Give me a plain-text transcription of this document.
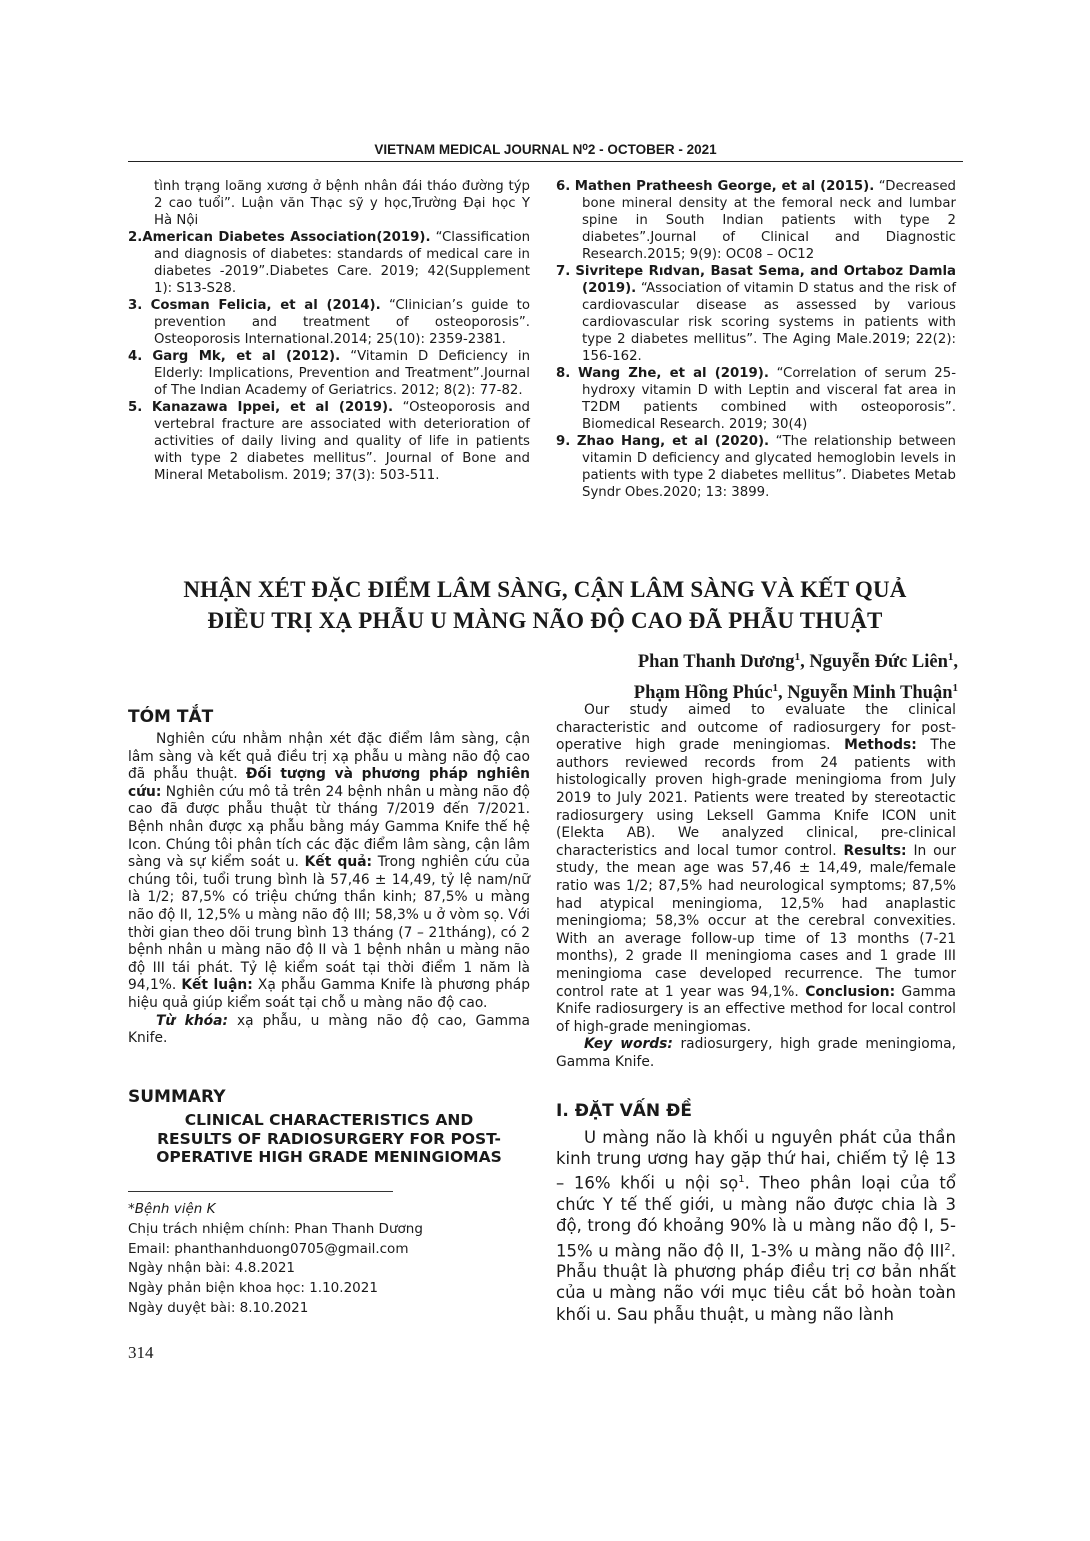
VIETNAM MEDICAL JOURNAL N⁰2 - OCTOBER - 2021
tình trạng loãng xương ở bệnh nhân đái tháo đường týp 2 cao tuổi”. Luận văn Thạc sỹ y học,Trường Đại học Y Hà Nội
2.American Diabetes Association(2019). “Classification and diagnosis of diabetes: standards of medical care in diabetes -2019”.Diabetes Care. 2019; 42(Supplement 1): S13-S28.
3. Cosman Felicia, et al (2014). “Clinician’s guide to prevention and treatment of osteoporosis”. Osteoporosis International.2014; 25(10): 2359-2381.
4. Garg Mk, et al (2012). “Vitamin D Deficiency in Elderly: Implications, Prevention and Treatment”.Journal of The Indian Academy of Geriatrics. 2012; 8(2): 77-82.
5. Kanazawa Ippei, et al (2019). “Osteoporosis and vertebral fracture are associated with deterioration of activities of daily living and quality of life in patients with type 2 diabetes mellitus”. Journal of Bone and Mineral Metabolism. 2019; 37(3): 503-511.
6. Mathen Pratheesh George, et al (2015). “Decreased bone mineral density at the femoral neck and lumbar spine in South Indian patients with type 2 diabetes”.Journal of Clinical and Diagnostic Research.2015; 9(9): OC08 – OC12
7. Sivritepe Rıdvan, Basat Sema, and Ortaboz Damla (2019). “Association of vitamin D status and the risk of cardiovascular disease as assessed by various cardiovascular risk scoring systems in patients with type 2 diabetes mellitus”. The Aging Male.2019; 22(2): 156-162.
8. Wang Zhe, et al (2019). “Correlation of serum 25-hydroxy vitamin D with Leptin and visceral fat area in T2DM patients combined with osteoporosis”. Biomedical Research. 2019; 30(4)
9. Zhao Hang, et al (2020). “The relationship between vitamin D deficiency and glycated hemoglobin levels in patients with type 2 diabetes mellitus”. Diabetes Metab Syndr Obes.2020; 13: 3899.
NHẬN XÉT ĐẶC ĐIỂM LÂM SÀNG, CẬN LÂM SÀNG VÀ KẾT QUẢ
ĐIỀU TRỊ XẠ PHẪU U MÀNG NÃO ĐỘ CAO ĐÃ PHẪU THUẬT
Phan Thanh Dương$^1$, Nguyễn Đức Liên$^1$,
Phạm Hồng Phúc$^1$, Nguyễn Minh Thuận$^1$
TÓM TẮT

Nghiên cứu nhằm nhận xét đặc điểm lâm sàng, cận lâm sàng và kết quả điều trị xạ phẫu u màng não độ cao đã phẫu thuật. Đối tượng và phương pháp nghiên cứu: Nghiên cứu mô tả trên 24 bệnh nhân u màng não độ cao đã được phẫu thuật từ tháng 7/2019 đến 7/2021. Bệnh nhân được xạ phẫu bằng máy Gamma Knife thế hệ Icon. Chúng tôi phân tích các đặc điểm lâm sàng, cận lâm sàng và sự kiểm soát u. Kết quả: Trong nghiên cứu của chúng tôi, tuổi trung bình là 57,46 ± 14,49, tỷ lệ nam/nữ là 1/2; 87,5% có triệu chứng thần kinh; 87,5% u màng não độ II, 12,5% u màng não độ III; 58,3% u ở vòm sọ. Với thời gian theo dõi trung bình 13 tháng (7 – 21tháng), có 2 bệnh nhân u màng não độ II và 1 bệnh nhân u màng não độ III tái phát. Tỷ lệ kiểm soát tại thời điểm 1 năm là 94,1%. Kết luận: Xạ phẫu Gamma Knife là phương pháp hiệu quả giúp kiểm soát tại chỗ u màng não độ cao.

Từ khóa: xạ phẫu, u màng não độ cao, Gamma Knife.

SUMMARY
CLINICAL CHARACTERISTICS AND
RESULTS OF RADIOSURGERY FOR POST-
OPERATIVE HIGH GRADE MENINGIOMAS
*Bệnh viện K
Chịu trách nhiệm chính: Phan Thanh Dương
Email: phanthanhduong0705@gmail.com
Ngày nhận bài: 4.8.2021
Ngày phản biện khoa học: 1.10.2021
Ngày duyệt bài: 8.10.2021
314

Our study aimed to evaluate the clinical characteristic and outcome of radiosurgery for post-operative high grade meningiomas. Methods: The authors reviewed records from 24 patients with histologically proven high-grade meningioma from July 2019 to July 2021. Patients were treated by stereotactic radiosurgery using Leksell Gamma Knife ICON unit (Elekta AB). We analyzed clinical, pre-clinical characteristics and local tumor control. Results: In our study, the mean age was 57,46 ± 14,49, male/female ratio was 1/2; 87,5% had neurological symptoms; 87,5% had atypical meningioma, 12,5% had anaplastic meningioma; 58,3% occur at the cerebral convexities. With an average follow-up time of 13 months (7-21 months), 2 grade II meningioma cases and 1 grade III meningioma case developed recurrence. The tumor control rate at 1 year was 94,1%. Conclusion: Gamma Knife radiosurgery is an effective method for local control of high-grade meningiomas.

Key words: radiosurgery, high grade meningioma, Gamma Knife.

I. ĐẶT VẤN ĐỀ

U màng não là khối u nguyên phát của thần kinh trung ương hay gặp thứ hai, chiếm tỷ lệ 13 – 16% khối u nội sọ$^1$. Theo phân loại của tổ chức Y tế thế giới, u màng não được chia là 3 độ, trong đó khoảng 90% là u màng não độ I, 5-15% u màng não độ II, 1-3% u màng não độ III$^2$. Phẫu thuật là phương pháp điều trị cơ bản nhất của u màng não với mục tiêu cắt bỏ hoàn toàn khối u. Sau phẫu thuật, u màng não lành
